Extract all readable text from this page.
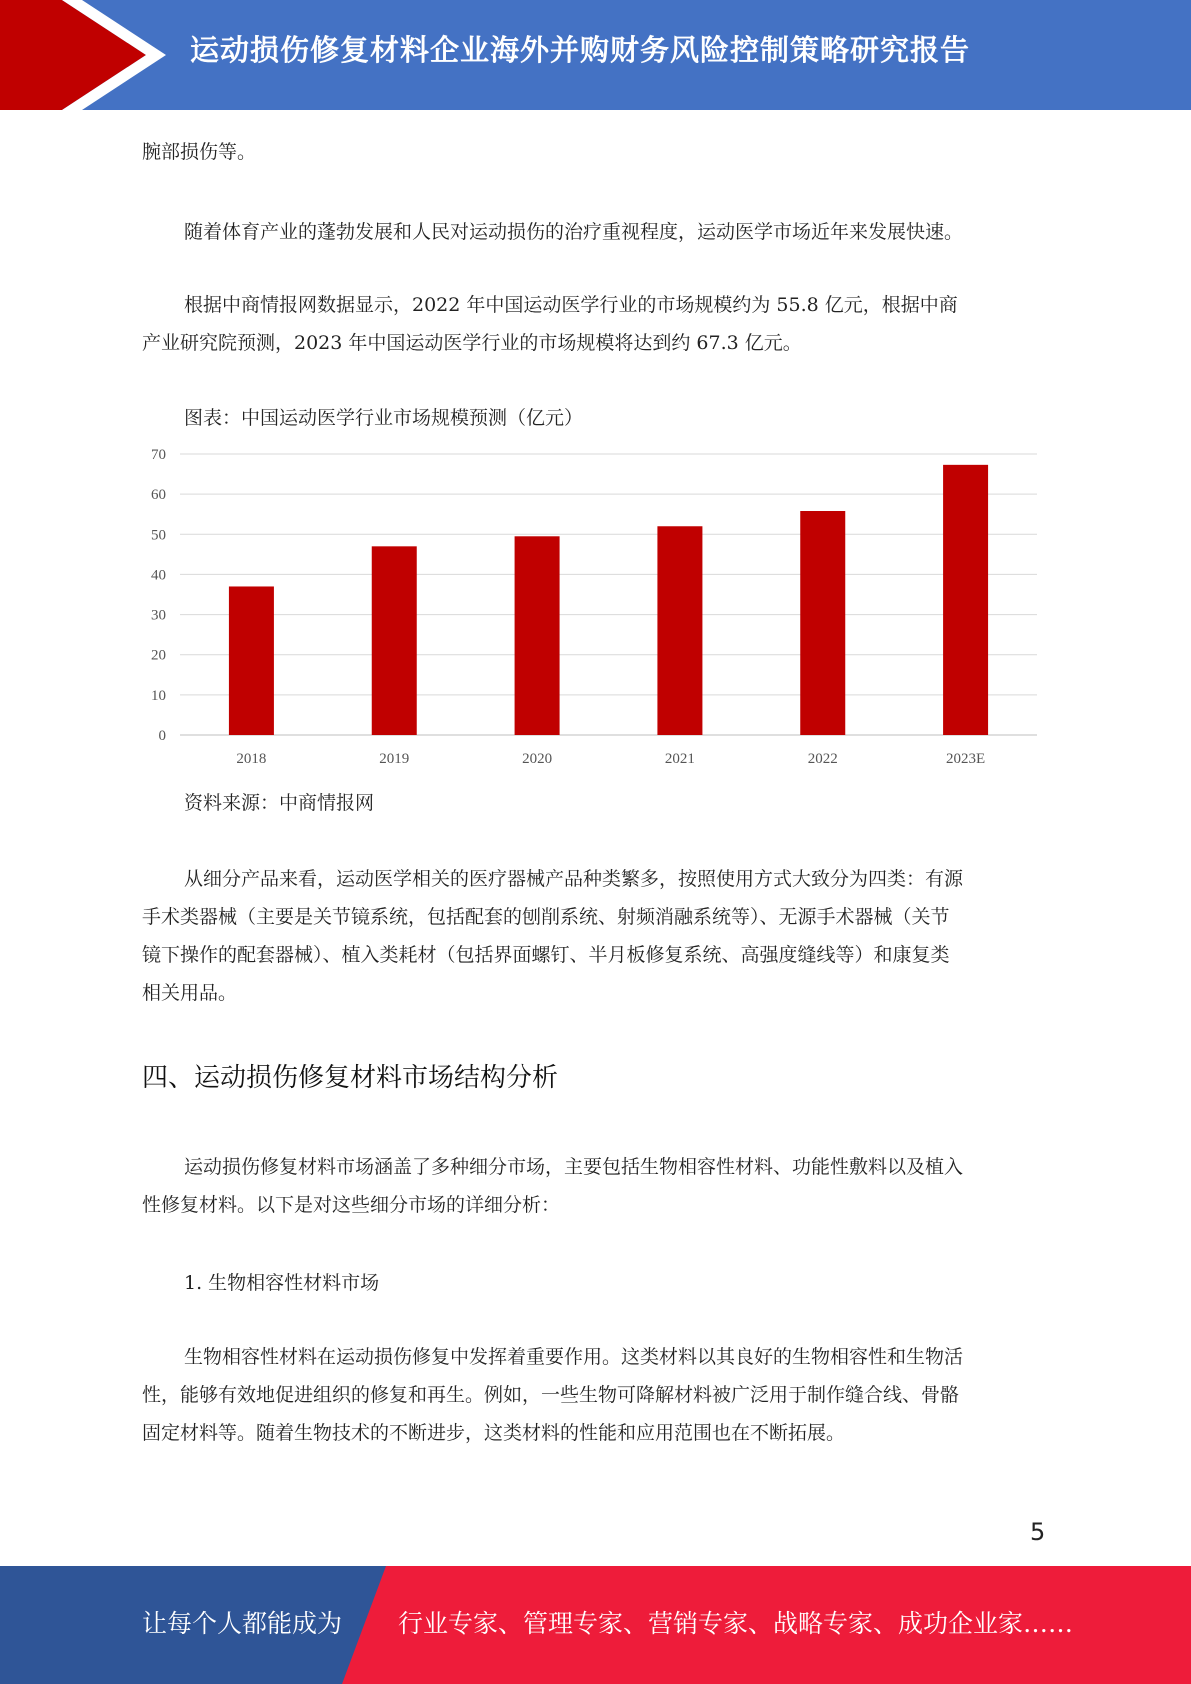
运动损伤修复材料企业海外并购财务风险控制策略研究报告

腕部损伤等。

随着体育产业的蓬勃发展和人民对运动损伤的治疗重视程度，运动医学市场近年来发展快速。

根据中商情报网数据显示，2022 年中国运动医学行业的市场规模约为 55.8 亿元，根据中商
产业研究院预测，2023 年中国运动医学行业的市场规模将达到约 67.3 亿元。
图表：中国运动医学行业市场规模预测（亿元）
0
10
20
30
40
50
60
70
2018	2019	2020	2021	2022	2023E
资料来源：中商情报网
从细分产品来看，运动医学相关的医疗器械产品种类繁多，按照使用方式大致分为四类：有源
手术类器械（主要是关节镜系统，包括配套的刨削系统、射频消融系统等）、无源手术器械（关节
镜下操作的配套器械）、植入类耗材（包括界面螺钉、半月板修复系统、高强度缝线等）和康复类
相关用品。
四、运动损伤修复材料市场结构分析
运动损伤修复材料市场涵盖了多种细分市场，主要包括生物相容性材料、功能性敷料以及植入
性修复材料。以下是对这些细分市场的详细分析：
1. 生物相容性材料市场
生物相容性材料在运动损伤修复中发挥着重要作用。这类材料以其良好的生物相容性和生物活
性，能够有效地促进组织的修复和再生。例如，一些生物可降解材料被广泛用于制作缝合线、骨骼
固定材料等。随着生物技术的不断进步，这类材料的性能和应用范围也在不断拓展。
5
让每个人都能成为 行业专家、管理专家、营销专家、战略专家、成功企业家……
